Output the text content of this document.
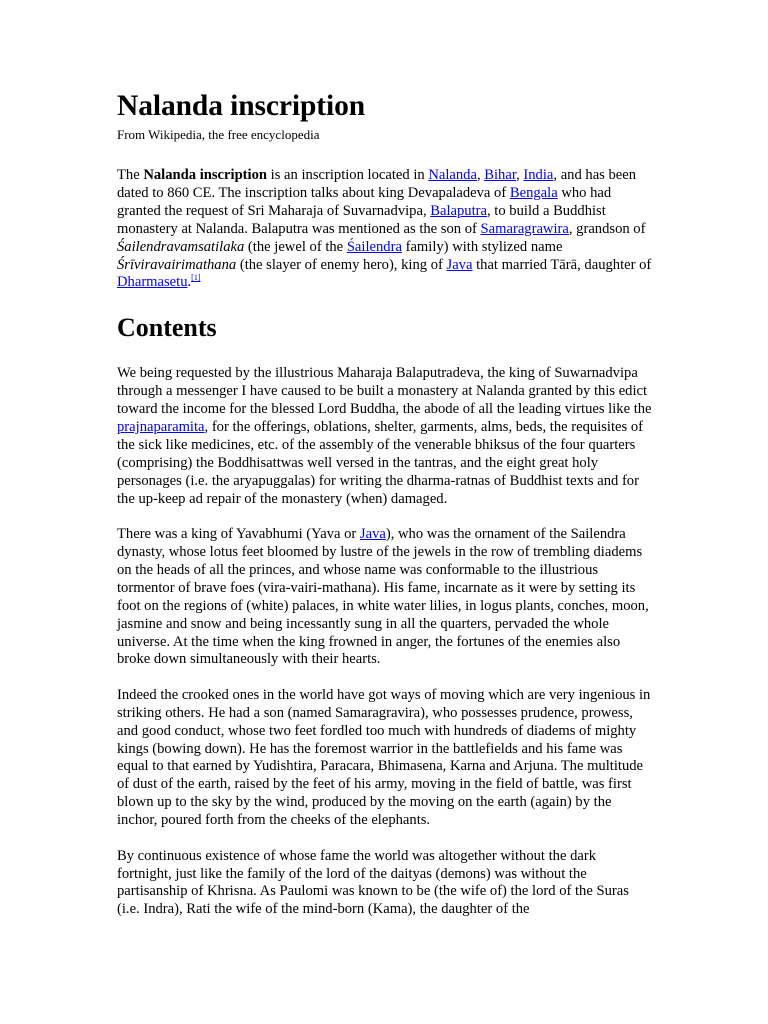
Nalanda inscription
From Wikipedia, the free encyclopedia

The Nalanda inscription is an inscription located in Nalanda, Bihar, India, and has been dated to 860 CE. The inscription talks about king Devapaladeva of Bengala who had granted the request of Sri Maharaja of Suvarnadvipa, Balaputra, to build a Buddhist monastery at Nalanda. Balaputra was mentioned as the son of Samaragrawira, grandson of Śailendravamsatilaka (the jewel of the Śailendra family) with stylized name Śrīviravairimathana (the slayer of enemy hero), king of Java that married Tārā, daughter of Dharmasetu.[1]

Contents

We being requested by the illustrious Maharaja Balaputradeva, the king of Suwarnadvipa through a messenger I have caused to be built a monastery at Nalanda granted by this edict toward the income for the blessed Lord Buddha, the abode of all the leading virtues like the prajnaparamita, for the offerings, oblations, shelter, garments, alms, beds, the requisites of the sick like medicines, etc. of the assembly of the venerable bhiksus of the four quarters (comprising) the Boddhisattwas well versed in the tantras, and the eight great holy personages (i.e. the aryapuggalas) for writing the dharma-ratnas of Buddhist texts and for the up-keep ad repair of the monastery (when) damaged.

There was a king of Yavabhumi (Yava or Java), who was the ornament of the Sailendra dynasty, whose lotus feet bloomed by lustre of the jewels in the row of trembling diadems on the heads of all the princes, and whose name was conformable to the illustrious tormentor of brave foes (vira-vairi-mathana). His fame, incarnate as it were by setting its foot on the regions of (white) palaces, in white water lilies, in logus plants, conches, moon, jasmine and snow and being incessantly sung in all the quarters, pervaded the whole universe. At the time when the king frowned in anger, the fortunes of the enemies also broke down simultaneously with their hearts.

Indeed the crooked ones in the world have got ways of moving which are very ingenious in striking others. He had a son (named Samaragravira), who possesses prudence, prowess, and good conduct, whose two feet fordled too much with hundreds of diadems of mighty kings (bowing down). He has the foremost warrior in the battlefields and his fame was equal to that earned by Yudishtira, Paracara, Bhimasena, Karna and Arjuna. The multitude of dust of the earth, raised by the feet of his army, moving in the field of battle, was first blown up to the sky by the wind, produced by the moving on the earth (again) by the inchor, poured forth from the cheeks of the elephants.

By continuous existence of whose fame the world was altogether without the dark fortnight, just like the family of the lord of the daityas (demons) was without the partisanship of Khrisna. As Paulomi was known to be (the wife of) the lord of the Suras (i.e. Indra), Rati the wife of the mind-born (Kama), the daughter of the
